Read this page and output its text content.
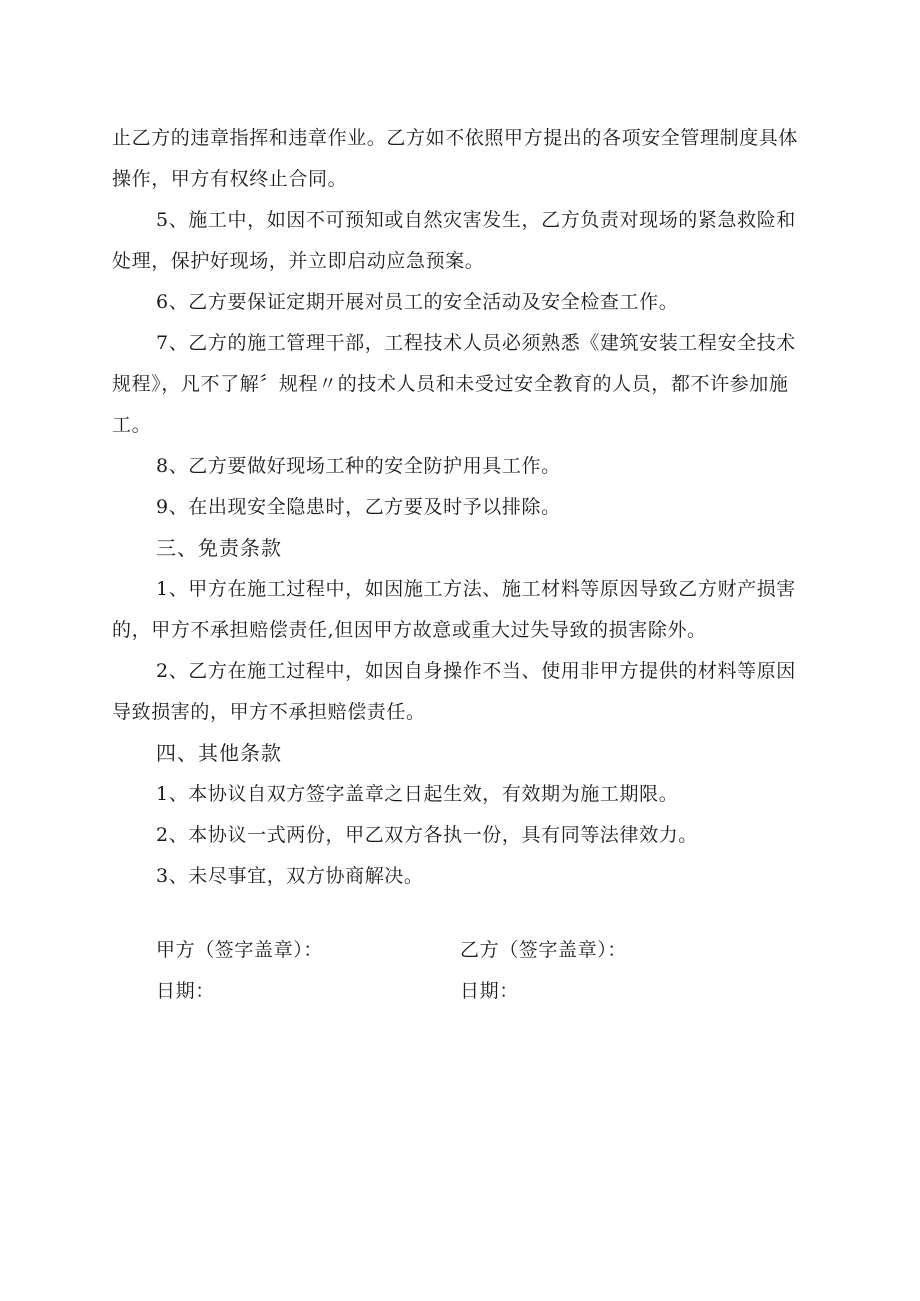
止乙方的违章指挥和违章作业。乙方如不依照甲方提出的各项安全管理制度具体操作，甲方有权终止合同。

5、施工中，如因不可预知或自然灾害发生，乙方负责对现场的紧急救险和处理，保护好现场，并立即启动应急预案。

6、乙方要保证定期开展对员工的安全活动及安全检查工作。

7、乙方的施工管理干部，工程技术人员必须熟悉《建筑安装工程安全技术规程》，凡不了解〞规程〃的技术人员和未受过安全教育的人员，都不许参加施工。

8、乙方要做好现场工种的安全防护用具工作。

9、在出现安全隐患时，乙方要及时予以排除。

三、免责条款

1、甲方在施工过程中，如因施工方法、施工材料等原因导致乙方财产损害的，甲方不承担赔偿责任,但因甲方故意或重大过失导致的损害除外。

2、乙方在施工过程中，如因自身操作不当、使用非甲方提供的材料等原因导致损害的，甲方不承担赔偿责任。

四、其他条款

1、本协议自双方签字盖章之日起生效，有效期为施工期限。

2、本协议一式两份，甲乙双方各执一份，具有同等法律效力。

3、未尽事宜，双方协商解决。

甲方（签字盖章）：	乙方（签字盖章）：

日期：	日期：
